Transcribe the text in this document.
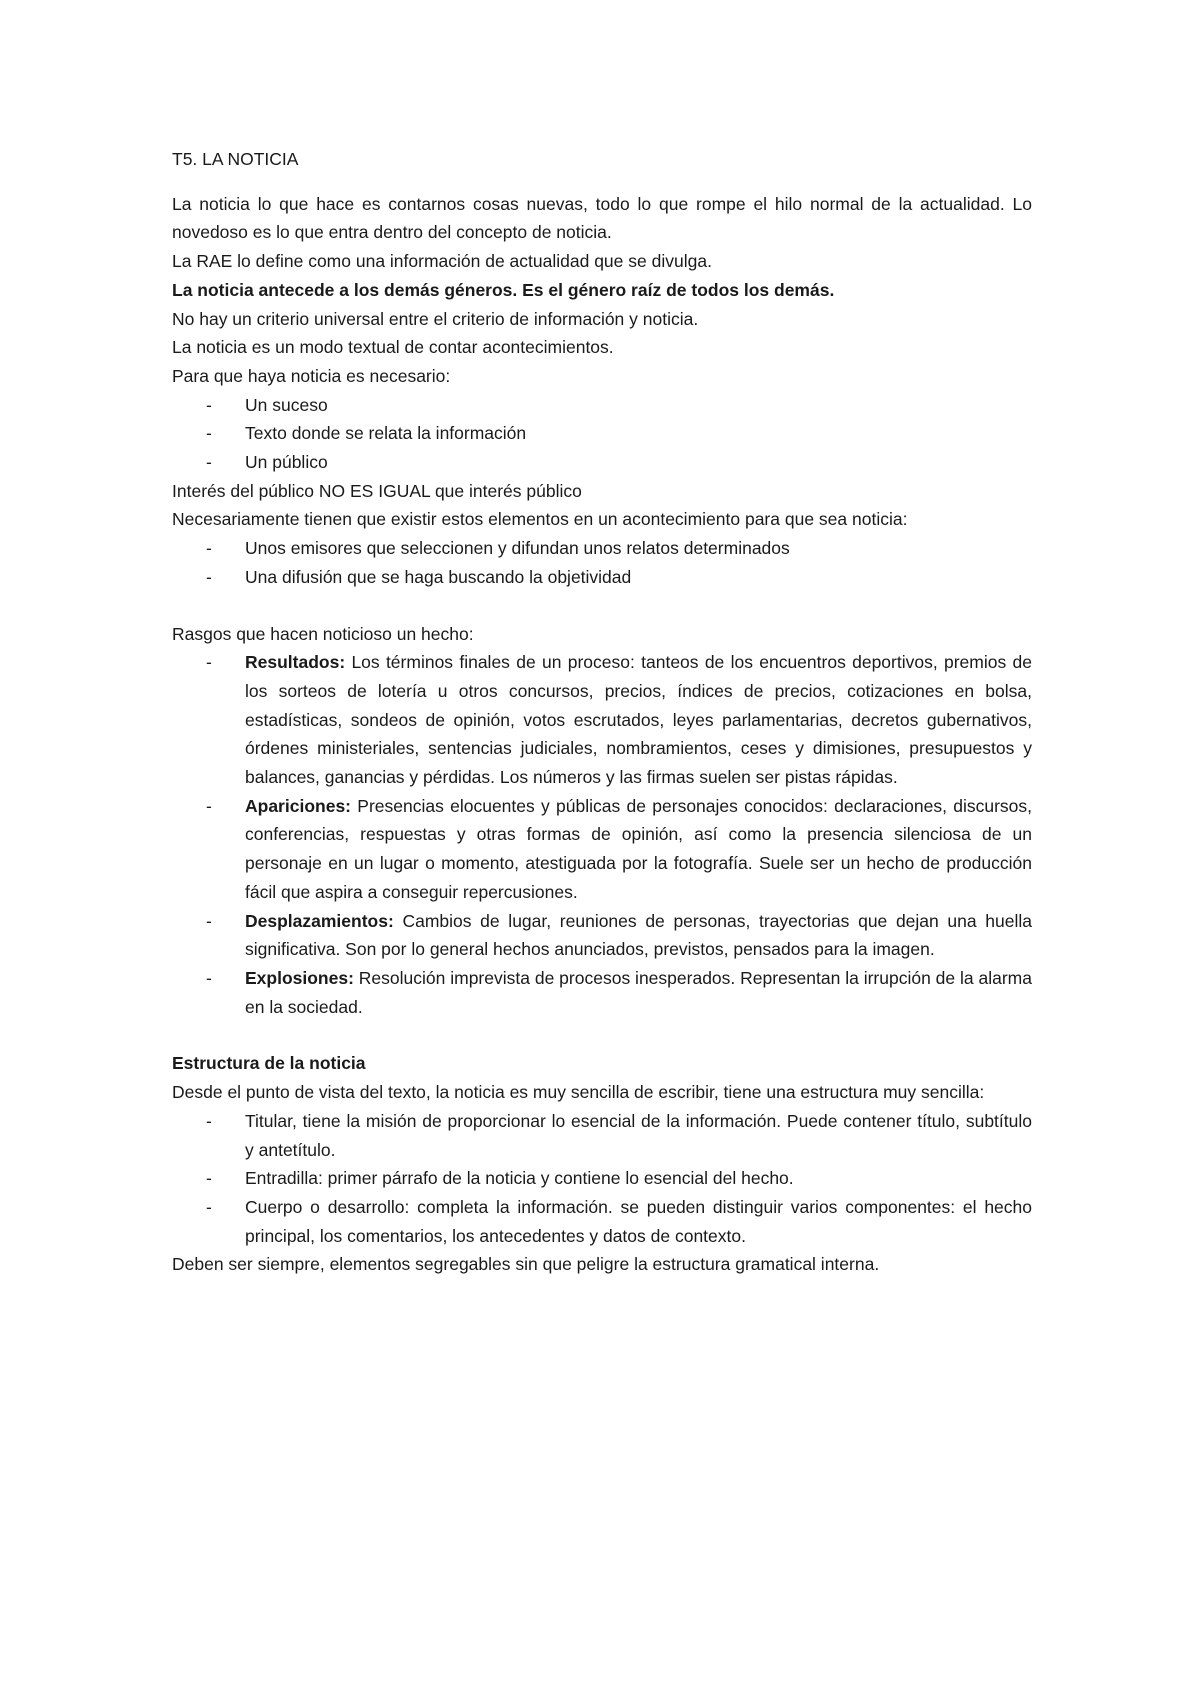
T5. LA NOTICIA

La noticia lo que hace es contarnos cosas nuevas, todo lo que rompe el hilo normal de la actualidad. Lo novedoso es lo que entra dentro del concepto de noticia.

La RAE lo define como una información de actualidad que se divulga.

La noticia antecede a los demás géneros. Es el género raíz de todos los demás.

No hay un criterio universal entre el criterio de información y noticia.

La noticia es un modo textual de contar acontecimientos.

Para que haya noticia es necesario:

- Un suceso
- Texto donde se relata la información
- Un público

Interés del público NO ES IGUAL que interés público

Necesariamente tienen que existir estos elementos en un acontecimiento para que sea noticia:

- Unos emisores que seleccionen y difundan unos relatos determinados
- Una difusión que se haga buscando la objetividad

Rasgos que hacen noticioso un hecho:

- Resultados: Los términos finales de un proceso: tanteos de los encuentros deportivos, premios de los sorteos de lotería u otros concursos, precios, índices de precios, cotizaciones en bolsa, estadísticas, sondeos de opinión, votos escrutados, leyes parlamentarias, decretos gubernativos, órdenes ministeriales, sentencias judiciales, nombramientos, ceses y dimisiones, presupuestos y balances, ganancias y pérdidas. Los números y las firmas suelen ser pistas rápidas.
- Apariciones: Presencias elocuentes y públicas de personajes conocidos: declaraciones, discursos, conferencias, respuestas y otras formas de opinión, así como la presencia silenciosa de un personaje en un lugar o momento, atestiguada por la fotografía. Suele ser un hecho de producción fácil que aspira a conseguir repercusiones.
- Desplazamientos: Cambios de lugar, reuniones de personas, trayectorias que dejan una huella significativa. Son por lo general hechos anunciados, previstos, pensados para la imagen.
- Explosiones: Resolución imprevista de procesos inesperados. Representan la irrupción de la alarma en la sociedad.

Estructura de la noticia

Desde el punto de vista del texto, la noticia es muy sencilla de escribir, tiene una estructura muy sencilla:

- Titular, tiene la misión de proporcionar lo esencial de la información. Puede contener título, subtítulo y antetítulo.
- Entradilla: primer párrafo de la noticia y contiene lo esencial del hecho.
- Cuerpo o desarrollo: completa la información. se pueden distinguir varios componentes: el hecho principal, los comentarios, los antecedentes y datos de contexto.

Deben ser siempre, elementos segregables sin que peligre la estructura gramatical interna.
